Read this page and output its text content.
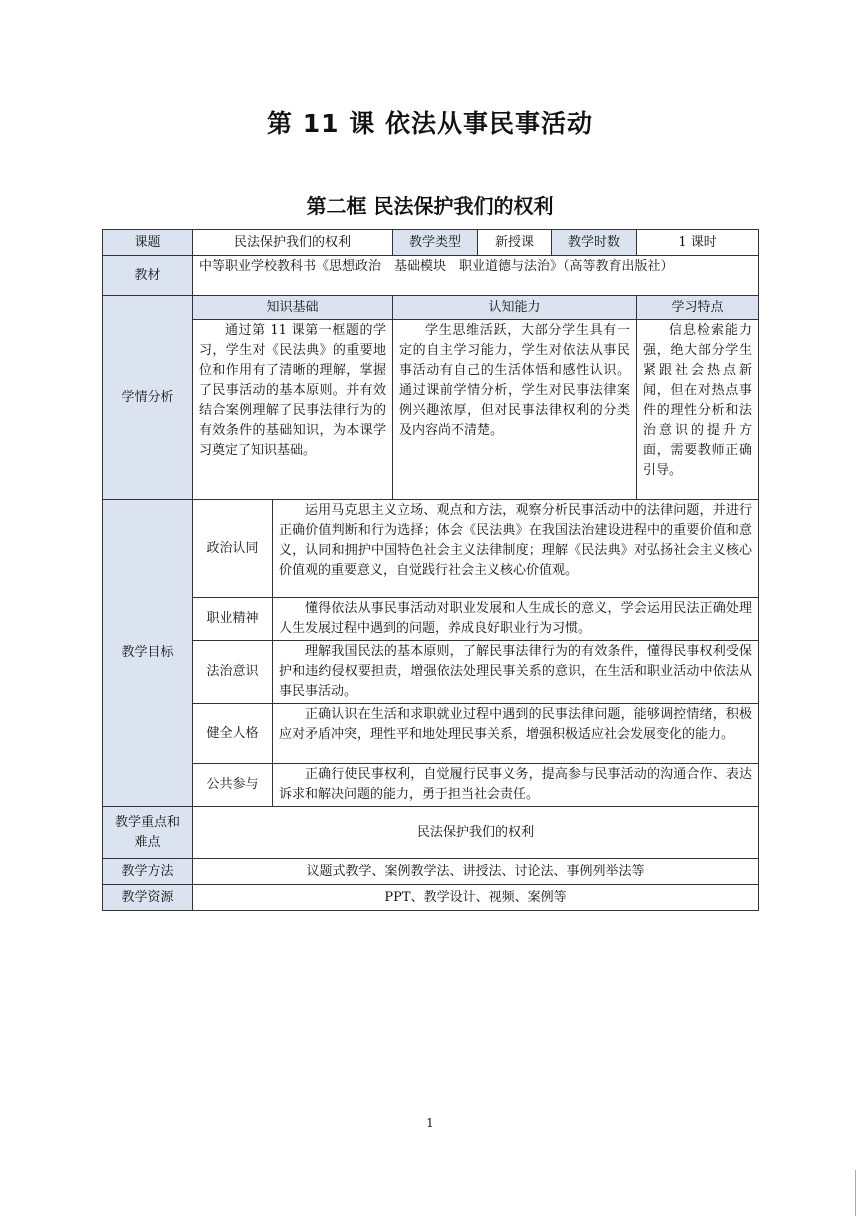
第 11 课 依法从事民事活动
第二框 民法保护我们的权利
课题	民法保护我们的权利		教学类型	新授课	教学时数	1 课时
教材	中等职业学校教科书《思想政治　基础模块　职业道德与法治》（高等教育出版社）					
学情分析	知识基础		认知能力			学习特点
	通过第 11 课第一框题的学习，学生对《民法典》的重要地位和作用有了清晰的理解，掌握了民事活动的基本原则。并有效结合案例理解了民事法律行为的有效条件的基础知识，为本课学习奠定了知识基础。		学生思维活跃，大部分学生具有一定的自主学习能力，学生对依法从事民事活动有自己的生活体悟和感性认识。通过课前学情分析，学生对民事法律案例兴趣浓厚，但对民事法律权利的分类及内容尚不清楚。			信息检索能力强，绝大部分学生紧跟社会热点新闻，但在对热点事件的理性分析和法治意识的提升方面，需要教师正确引导。
教学目标	政治认同	运用马克思主义立场、观点和方法，观察分析民事活动中的法律问题，并进行正确价值判断和行为选择；体会《民法典》在我国法治建设进程中的重要价值和意义，认同和拥护中国特色社会主义法律制度；理解《民法典》对弘扬社会主义核心价值观的重要意义，自觉践行社会主义核心价值观。				
	职业精神	懂得依法从事民事活动对职业发展和人生成长的意义，学会运用民法正确处理人生发展过程中遇到的问题，养成良好职业行为习惯。				
	法治意识	理解我国民法的基本原则，了解民事法律行为的有效条件，懂得民事权利受保护和违约侵权要担责，增强依法处理民事关系的意识，在生活和职业活动中依法从事民事活动。				
	健全人格	正确认识在生活和求职就业过程中遇到的民事法律问题，能够调控情绪，积极应对矛盾冲突，理性平和地处理民事关系，增强积极适应社会发展变化的能力。				
	公共参与	正确行使民事权利，自觉履行民事义务，提高参与民事活动的沟通合作、表达诉求和解决问题的能力，勇于担当社会责任。				
教学重点和难点	民法保护我们的权利					
教学方法	议题式教学、案例教学法、讲授法、讨论法、事例列举法等					
教学资源	PPT、教学设计、视频、案例等					
1
